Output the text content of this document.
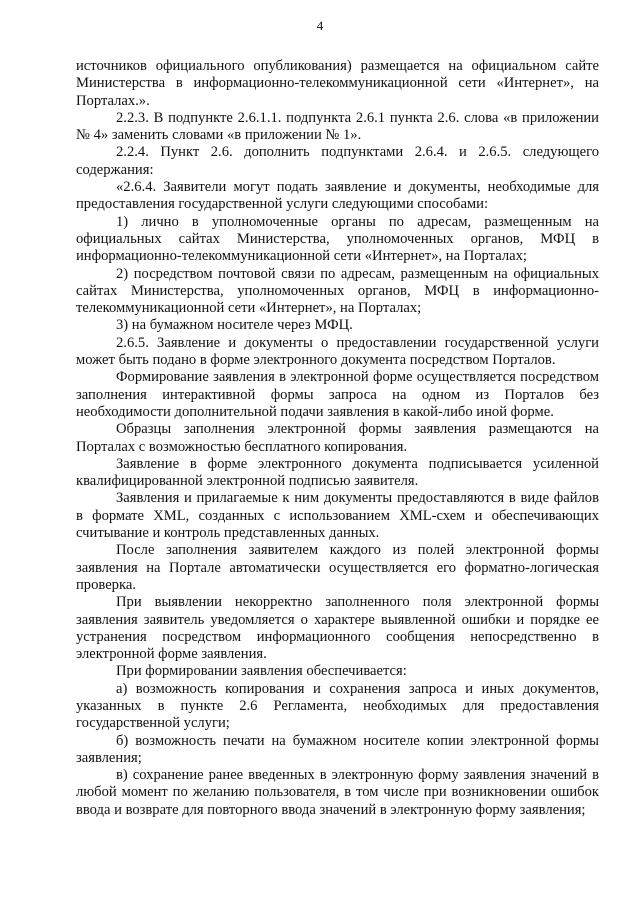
4

источников официального опубликования) размещается на официальном сайте Министерства в информационно-телекоммуникационной сети «Интернет», на Порталах.».

2.2.3. В подпункте 2.6.1.1. подпункта 2.6.1 пункта 2.6. слова «в приложении № 4» заменить словами «в приложении № 1».

2.2.4. Пункт 2.6. дополнить подпунктами 2.6.4. и 2.6.5. следующего содержания:

«2.6.4. Заявители могут подать заявление и документы, необходимые для предоставления государственной услуги следующими способами:

1) лично в уполномоченные органы по адресам, размещенным на официальных сайтах Министерства, уполномоченных органов, МФЦ в информационно-телекоммуникационной сети «Интернет», на Порталах;

2) посредством почтовой связи по адресам, размещенным на официальных сайтах Министерства, уполномоченных органов, МФЦ в информационно-телекоммуникационной сети «Интернет», на Порталах;

3) на бумажном носителе через МФЦ.

2.6.5. Заявление и документы о предоставлении государственной услуги может быть подано в форме электронного документа посредством Порталов.

Формирование заявления в электронной форме осуществляется посредством заполнения интерактивной формы запроса на одном из Порталов без необходимости дополнительной подачи заявления в какой-либо иной форме.

Образцы заполнения электронной формы заявления размещаются на Порталах с возможностью бесплатного копирования.

Заявление в форме электронного документа подписывается усиленной квалифицированной электронной подписью заявителя.

Заявления и прилагаемые к ним документы предоставляются в виде файлов в формате XML, созданных с использованием XML-схем и обеспечивающих считывание и контроль представленных данных.

После заполнения заявителем каждого из полей электронной формы заявления на Портале автоматически осуществляется его форматно-логическая проверка.

При выявлении некорректно заполненного поля электронной формы заявления заявитель уведомляется о характере выявленной ошибки и порядке ее устранения посредством информационного сообщения непосредственно в электронной форме заявления.

При формировании заявления обеспечивается:

а) возможность копирования и сохранения запроса и иных документов, указанных в пункте 2.6 Регламента, необходимых для предоставления государственной услуги;

б) возможность печати на бумажном носителе копии электронной формы заявления;

в) сохранение ранее введенных в электронную форму заявления значений в любой момент по желанию пользователя, в том числе при возникновении ошибок ввода и возврате для повторного ввода значений в электронную форму заявления;
